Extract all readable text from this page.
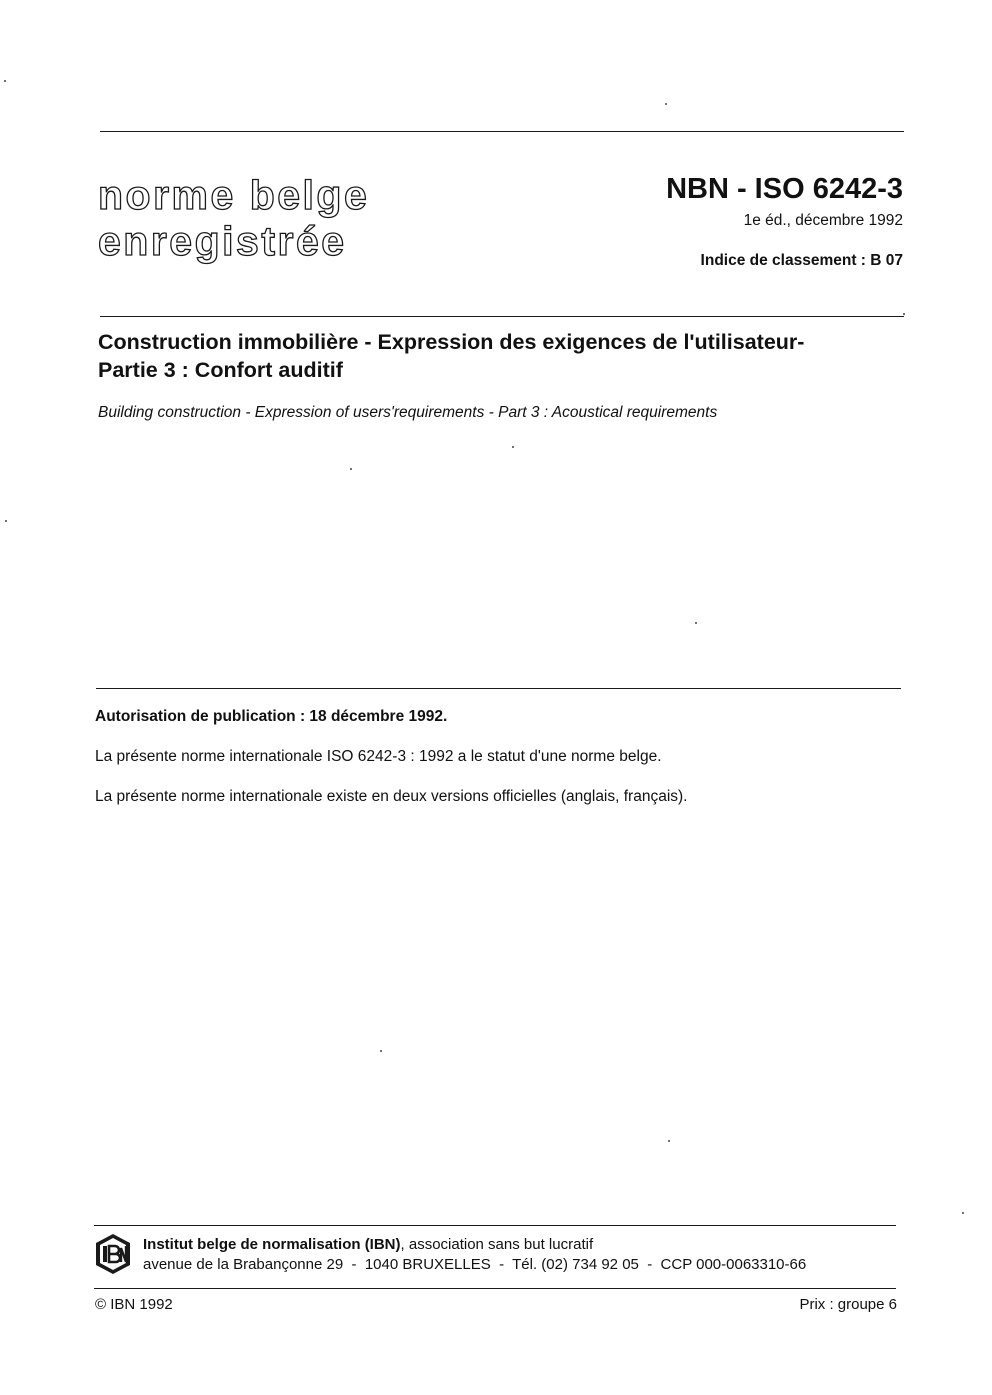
norme belge
enregistrée
NBN - ISO 6242-3
1e éd., décembre 1992
Indice de classement : B 07
Construction immobilière - Expression des exigences de l'utilisateur-
Partie 3 : Confort auditif
Building construction - Expression of users'requirements - Part 3 : Acoustical requirements
Autorisation de publication : 18 décembre 1992.
La présente norme internationale ISO 6242-3 : 1992 a le statut d'une norme belge.
La présente norme internationale existe en deux versions officielles (anglais, français).
Institut belge de normalisation (IBN), association sans but lucratif
avenue de la Brabançonne 29  -  1040 BRUXELLES  -  Tél. (02) 734 92 05  -  CCP 000-0063310-66
© IBN 1992	Prix : groupe 6
